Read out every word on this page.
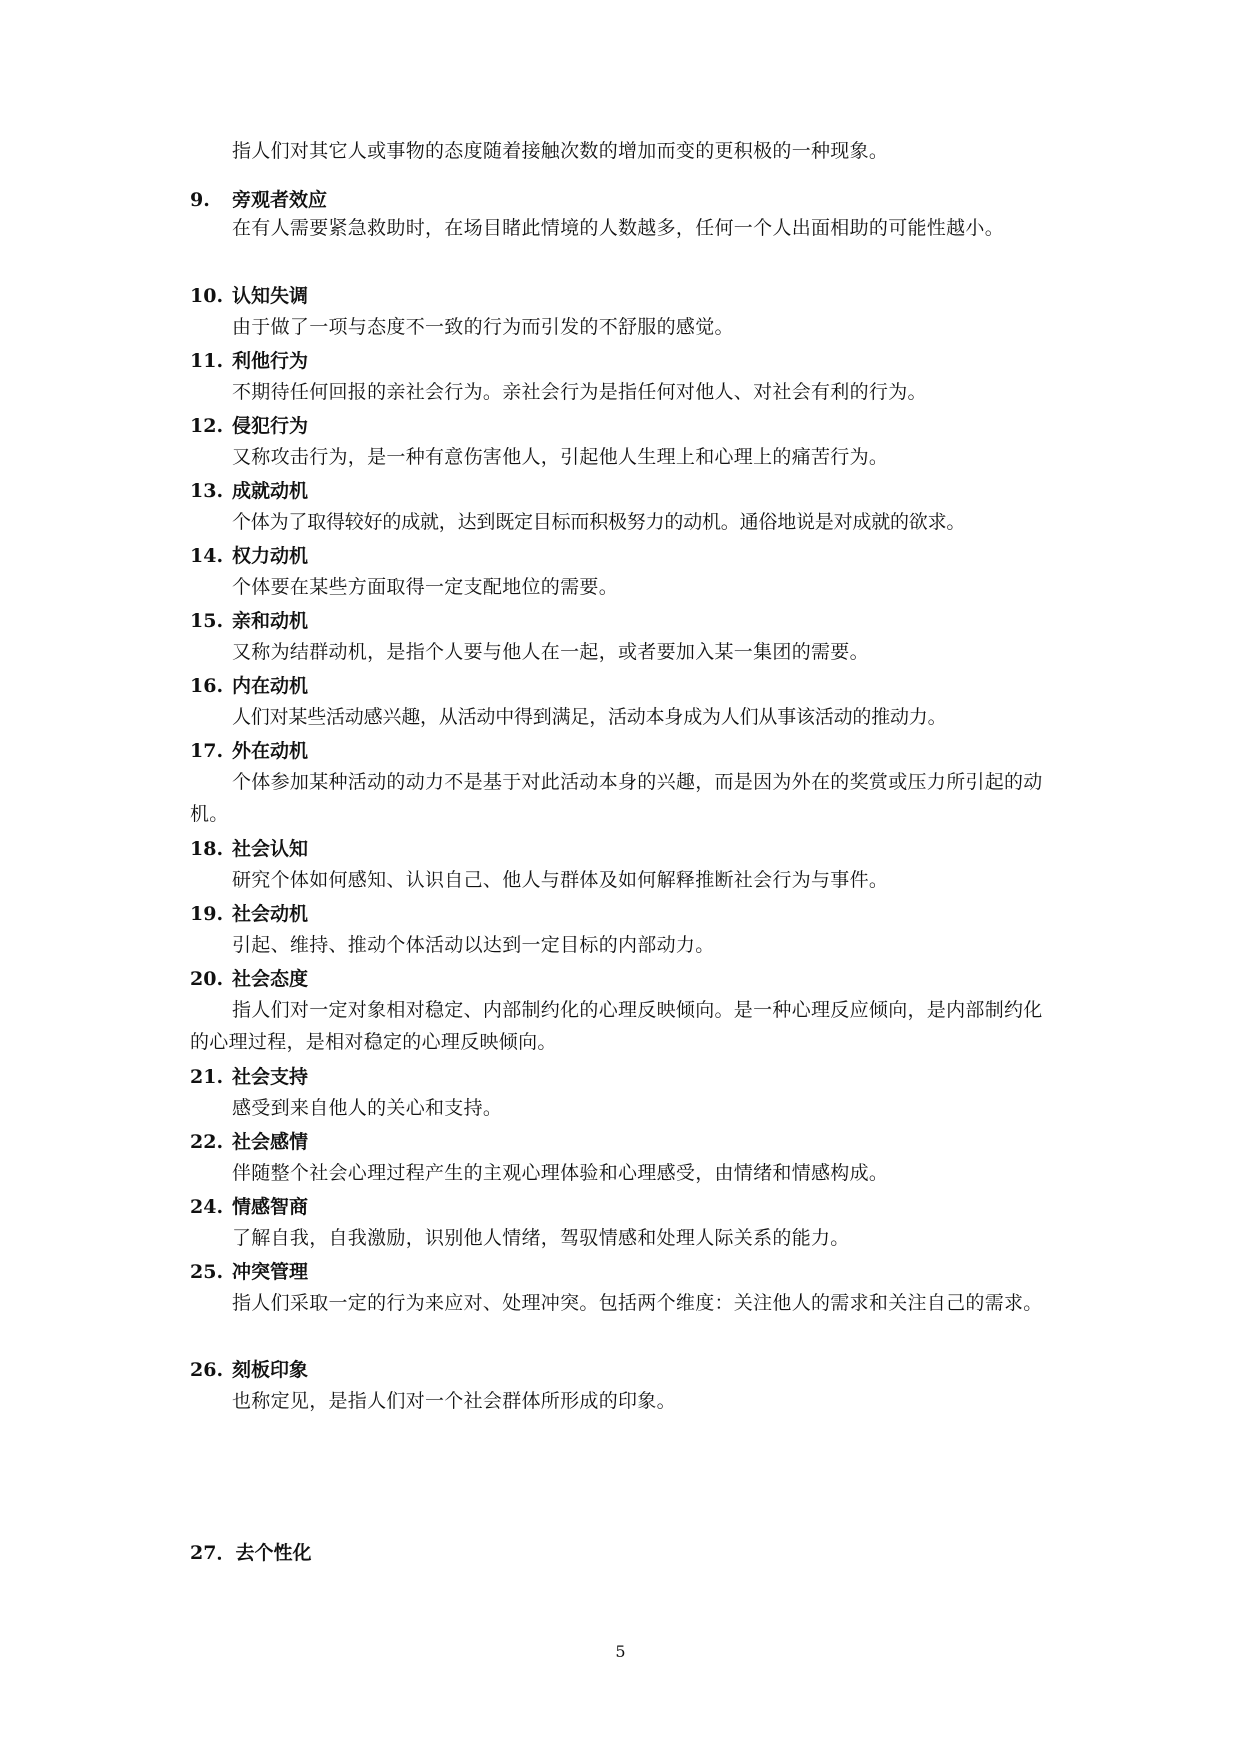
指人们对其它人或事物的态度随着接触次数的增加而变的更积极的一种现象。
9. 旁观者效应
在有人需要紧急救助时，在场目睹此情境的人数越多，任何一个人出面相助的可能性越小。
10. 认知失调
由于做了一项与态度不一致的行为而引发的不舒服的感觉。
11. 利他行为
不期待任何回报的亲社会行为。亲社会行为是指任何对他人、对社会有利的行为。
12. 侵犯行为
又称攻击行为，是一种有意伤害他人，引起他人生理上和心理上的痛苦行为。
13. 成就动机
个体为了取得较好的成就，达到既定目标而积极努力的动机。通俗地说是对成就的欲求。
14. 权力动机
个体要在某些方面取得一定支配地位的需要。
15. 亲和动机
又称为结群动机，是指个人要与他人在一起，或者要加入某一集团的需要。
16. 内在动机
人们对某些活动感兴趣，从活动中得到满足，活动本身成为人们从事该活动的推动力。
17. 外在动机
个体参加某种活动的动力不是基于对此活动本身的兴趣，而是因为外在的奖赏或压力所引起的动机。
18. 社会认知
研究个体如何感知、认识自己、他人与群体及如何解释推断社会行为与事件。
19. 社会动机
引起、维持、推动个体活动以达到一定目标的内部动力。
20. 社会态度
指人们对一定对象相对稳定、内部制约化的心理反映倾向。是一种心理反应倾向，是内部制约化的心理过程，是相对稳定的心理反映倾向。
21. 社会支持
感受到来自他人的关心和支持。
22. 社会感情
伴随整个社会心理过程产生的主观心理体验和心理感受，由情绪和情感构成。
24. 情感智商
了解自我，自我激励，识别他人情绪，驾驭情感和处理人际关系的能力。
25. 冲突管理
指人们采取一定的行为来应对、处理冲突。包括两个维度：关注他人的需求和关注自己的需求。
26. 刻板印象
也称定见，是指人们对一个社会群体所形成的印象。
27．去个性化
5
